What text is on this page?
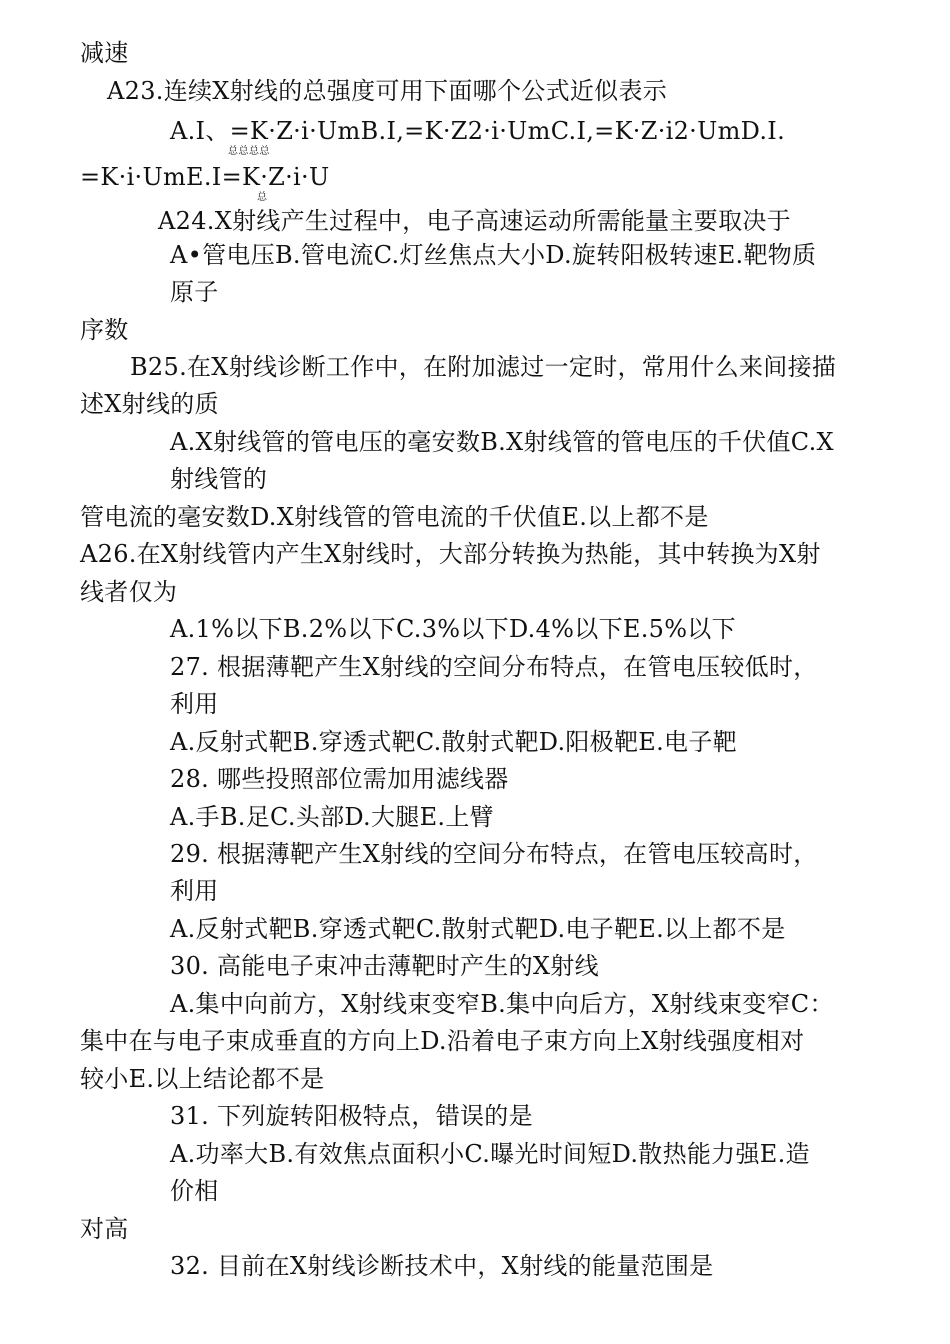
减速

A23.连续X射线的总强度可用下面哪个公式近似表示

A.I、=K·Z·i·UmB.I,=K·Z2·i·UmC.I,=K·Z·i2·UmD.I.

总总总总

=K·i·UmE.I=K·Z·i·U

总

A24.X射线产生过程中，电子高速运动所需能量主要取决于

A•管电压B.管电流C.灯丝焦点大小D.旋转阳极转速E.靶物质

原子

序数

B25.在X射线诊断工作中，在附加滤过一定时，常用什么来间接描

述X射线的质

A.X射线管的管电压的毫安数B.X射线管的管电压的千伏值C.X

射线管的

管电流的毫安数D.X射线管的管电流的千伏值E.以上都不是

A26.在X射线管内产生X射线时，大部分转换为热能，其中转换为X射

线者仅为

A.1%以下B.2%以下C.3%以下D.4%以下E.5%以下

27. 根据薄靶产生X射线的空间分布特点，在管电压较低时，

利用

A.反射式靶B.穿透式靶C.散射式靶D.阳极靶E.电子靶

28. 哪些投照部位需加用滤线器

A.手B.足C.头部D.大腿E.上臂

29. 根据薄靶产生X射线的空间分布特点，在管电压较高时，

利用

A.反射式靶B.穿透式靶C.散射式靶D.电子靶E.以上都不是

30. 高能电子束冲击薄靶时产生的X射线

A.集中向前方，X射线束变窄B.集中向后方，X射线束变窄C：

集中在与电子束成垂直的方向上D.沿着电子束方向上X射线强度相对

较小E.以上结论都不是

31. 下列旋转阳极特点，错误的是

A.功率大B.有效焦点面积小C.曝光时间短D.散热能力强E.造

价相

对高

32. 目前在X射线诊断技术中，X射线的能量范围是
